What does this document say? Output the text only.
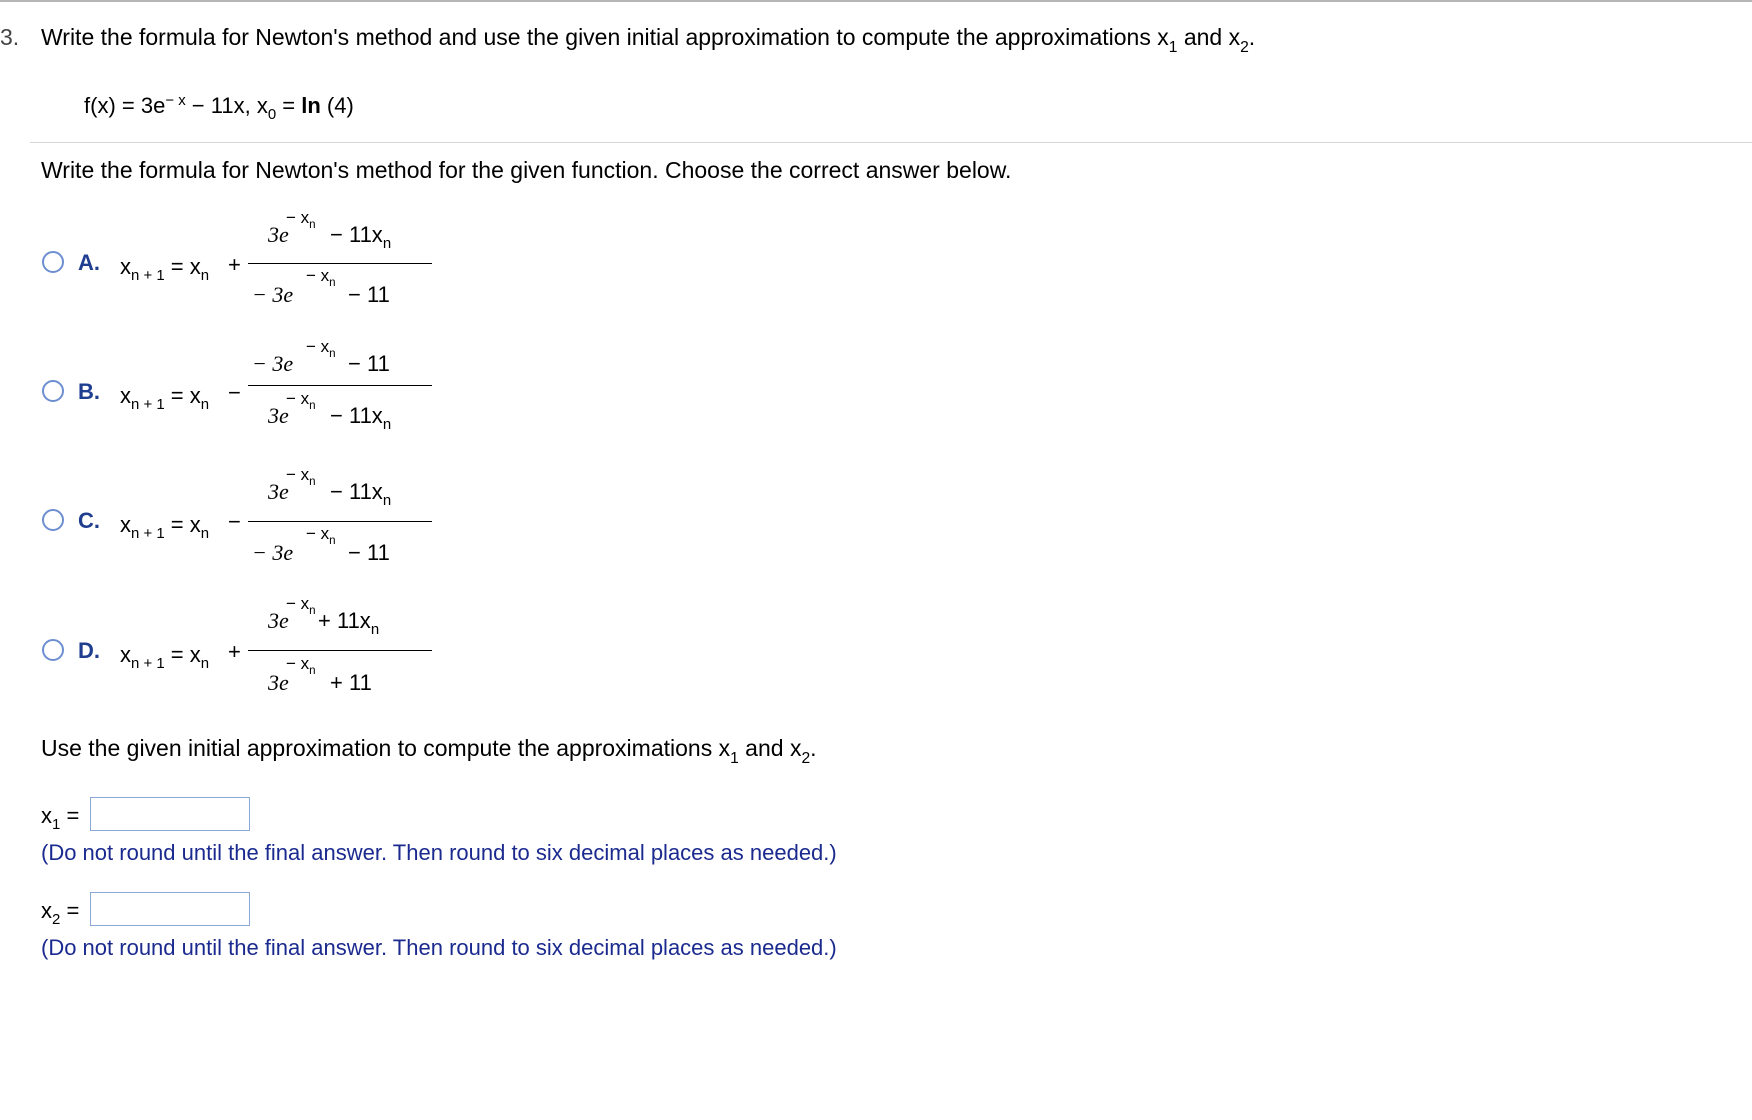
3. Write the formula for Newton's method and use the given initial approximation to compute the approximations $x_1$ and $x_2$.
$f(x) = 3e^{- x} - 11x$, $x_0 = \ln (4)$
Write the formula for Newton's method for the given function. Choose the correct answer below.
A. $x_{n + 1} = x_n$ +
− $x_n$
$3e - 11x_n$
− $x_n$
− 3e − 11
B. $x_{n + 1} = x_n$ −
− $x_n$
− 3e − 11
− $x_n$
$3e - 11x_n$
C. $x_{n + 1} = x_n$ −
− $x_n$
$3e - 11x_n$
− $x_n$
− 3e − 11
D. $x_{n + 1} = x_n$ +
− $x_n$
$3e + 11x_n$
− $x_n$
3e + 11
Use the given initial approximation to compute the approximations $x_1$ and $x_2$.
$x_1$ =
(Do not round until the final answer. Then round to six decimal places as needed.)
$x_2$ =
(Do not round until the final answer. Then round to six decimal places as needed.)
